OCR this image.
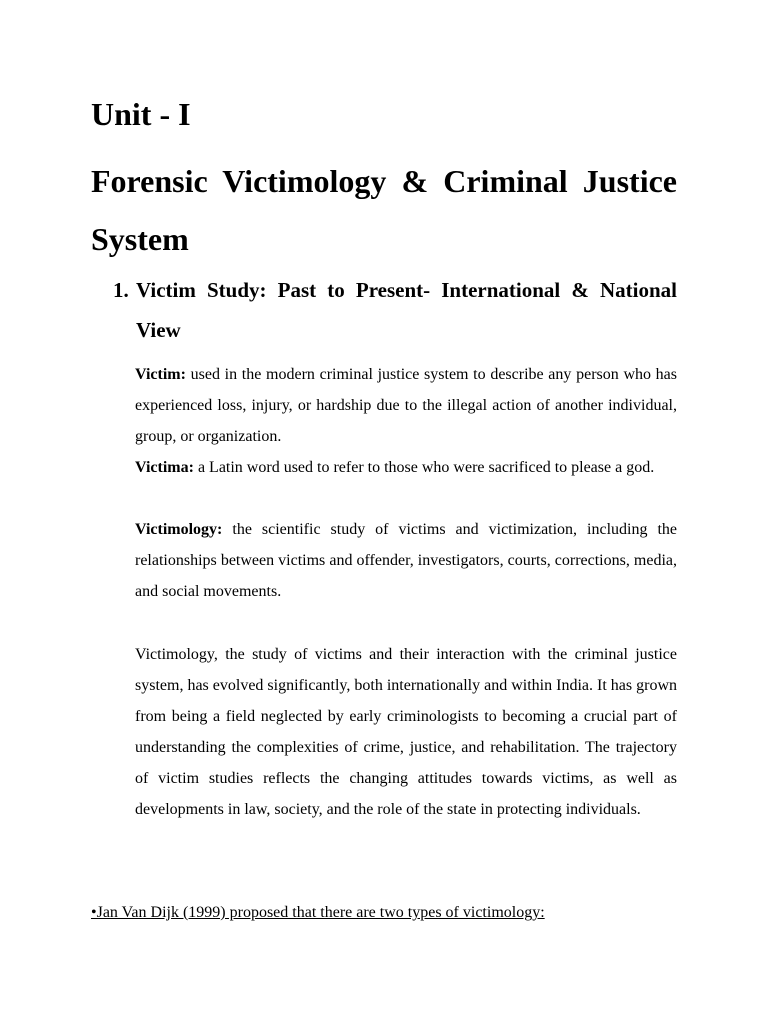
Unit - I
Forensic Victimology & Criminal Justice System
1. Victim Study: Past to Present- International & National
View

Victim: used in the modern criminal justice system to describe any person who has experienced loss, injury, or hardship due to the illegal action of another individual, group, or organization.

Victima: a Latin word used to refer to those who were sacrificed to please a god.

Victimology: the scientific study of victims and victimization, including the relationships between victims and offender, investigators, courts, corrections, media, and social movements.

Victimology, the study of victims and their interaction with the criminal justice system, has evolved significantly, both internationally and within India. It has grown from being a field neglected by early criminologists to becoming a crucial part of understanding the complexities of crime, justice, and rehabilitation. The trajectory of victim studies reflects the changing attitudes towards victims, as well as developments in law, society, and the role of the state in protecting individuals.

•Jan Van Dijk (1999) proposed that there are two types of victimology:
